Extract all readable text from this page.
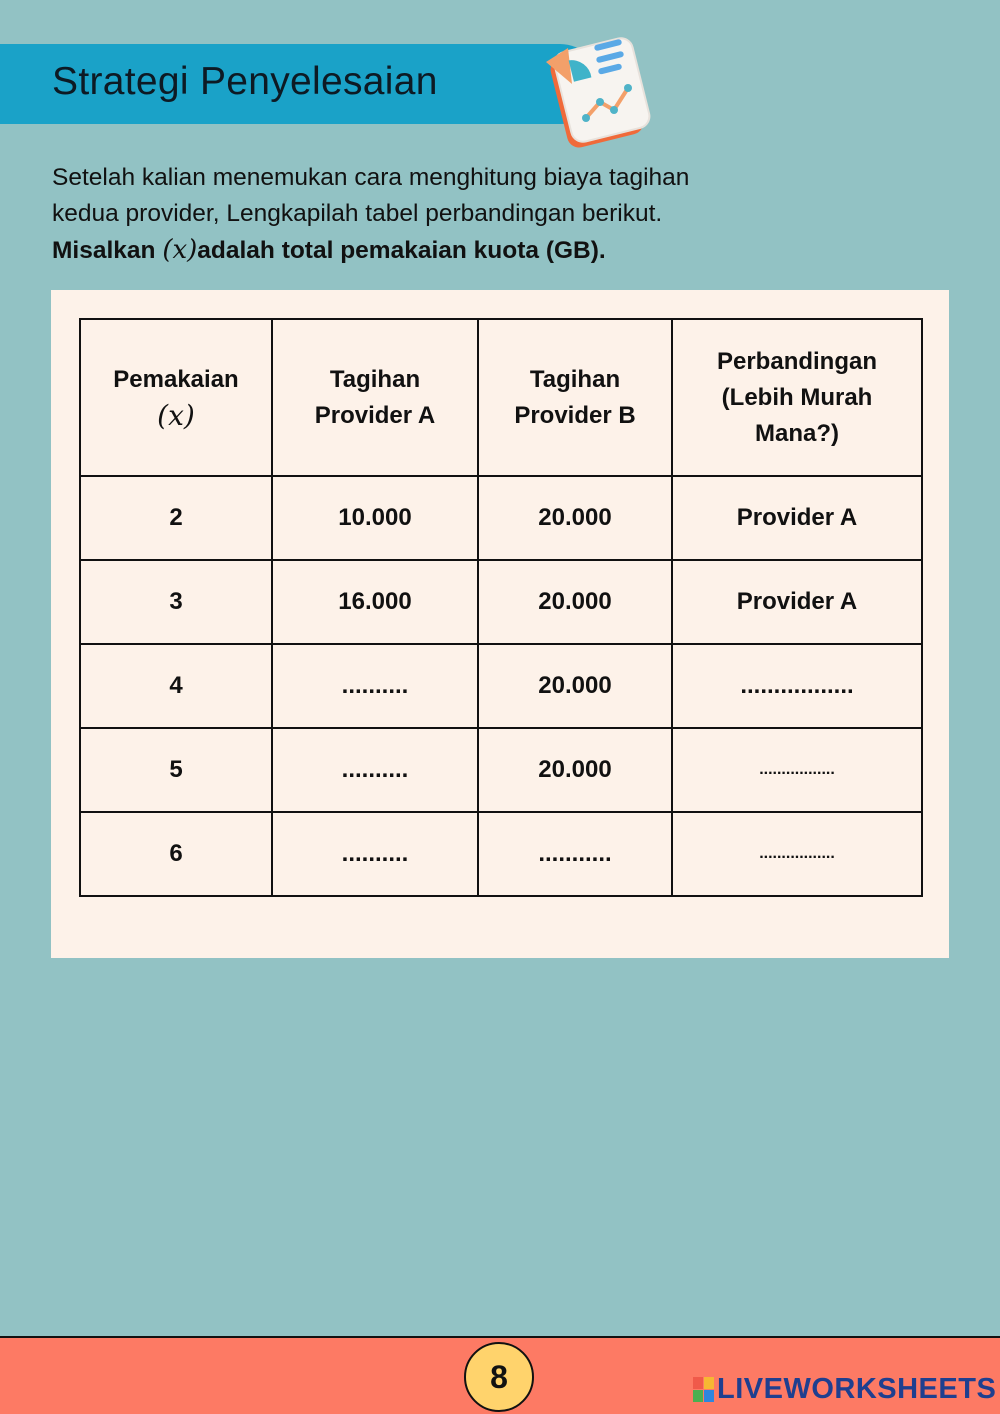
Strategi Penyelesaian

Setelah kalian menemukan cara menghitung biaya tagihan

kedua provider, Lengkapilah tabel perbandingan berikut.

Misalkan (x)adalah total pemakaian kuota (GB).

Pemakaian
(x)	Tagihan Provider A	Tagihan Provider B	Perbandingan (Lebih Murah Mana?)
2	10.000	20.000	Provider A
3	16.000	20.000	Provider A
4	..........	20.000	.................
5	..........	20.000	.................
6	..........	...........	.................
8	LIVEWORKSHEETS
